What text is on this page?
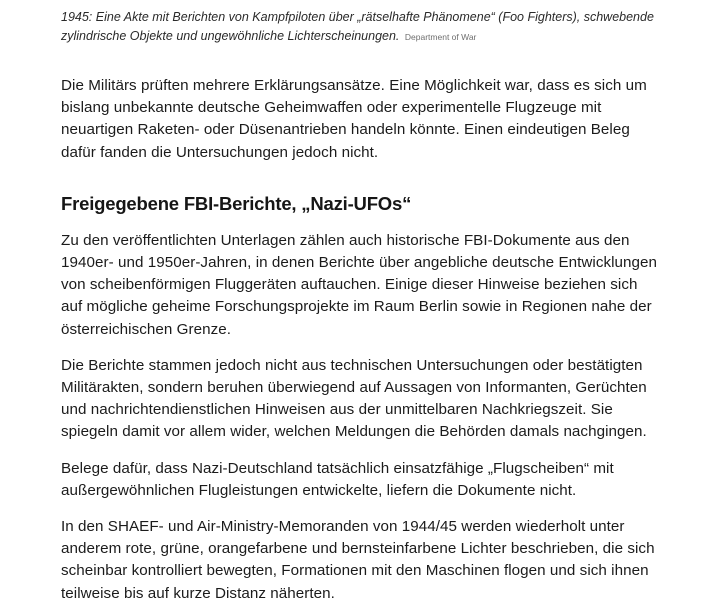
1945: Eine Akte mit Berichten von Kampfpiloten über „rätselhafte Phänomene“ (Foo Fighters), schwebende zylindrische Objekte und ungewöhnliche Lichterscheinungen. Department of War

Die Militärs prüften mehrere Erklärungsansätze. Eine Möglichkeit war, dass es sich um bislang unbekannte deutsche Geheimwaffen oder experimentelle Flugzeuge mit neuartigen Raketen- oder Düsenantrieben handeln könnte. Einen eindeutigen Beleg dafür fanden die Untersuchungen jedoch nicht.

Freigegebene FBI-Berichte, „Nazi-UFOs“

Zu den veröffentlichten Unterlagen zählen auch historische FBI-Dokumente aus den 1940er- und 1950er-Jahren, in denen Berichte über angebliche deutsche Entwicklungen von scheibenförmigen Fluggeräten auftauchen. Einige dieser Hinweise beziehen sich auf mögliche geheime Forschungsprojekte im Raum Berlin sowie in Regionen nahe der österreichischen Grenze.

Die Berichte stammen jedoch nicht aus technischen Untersuchungen oder bestätigten Militärakten, sondern beruhen überwiegend auf Aussagen von Informanten, Gerüchten und nachrichtendienstlichen Hinweisen aus der unmittelbaren Nachkriegszeit. Sie spiegeln damit vor allem wider, welchen Meldungen die Behörden damals nachgingen.

Belege dafür, dass Nazi-Deutschland tatsächlich einsatzfähige „Flugscheiben“ mit außergewöhnlichen Flugleistungen entwickelte, liefern die Dokumente nicht.

In den SHAEF- und Air-Ministry-Memoranden von 1944/45 werden wiederholt unter anderem rote, grüne, orangefarbene und bernsteinfarbene Lichter beschrieben, die sich scheinbar kontrolliert bewegten, Formationen mit den Maschinen flogen und sich ihnen teilweise bis auf kurze Distanz näherten.
